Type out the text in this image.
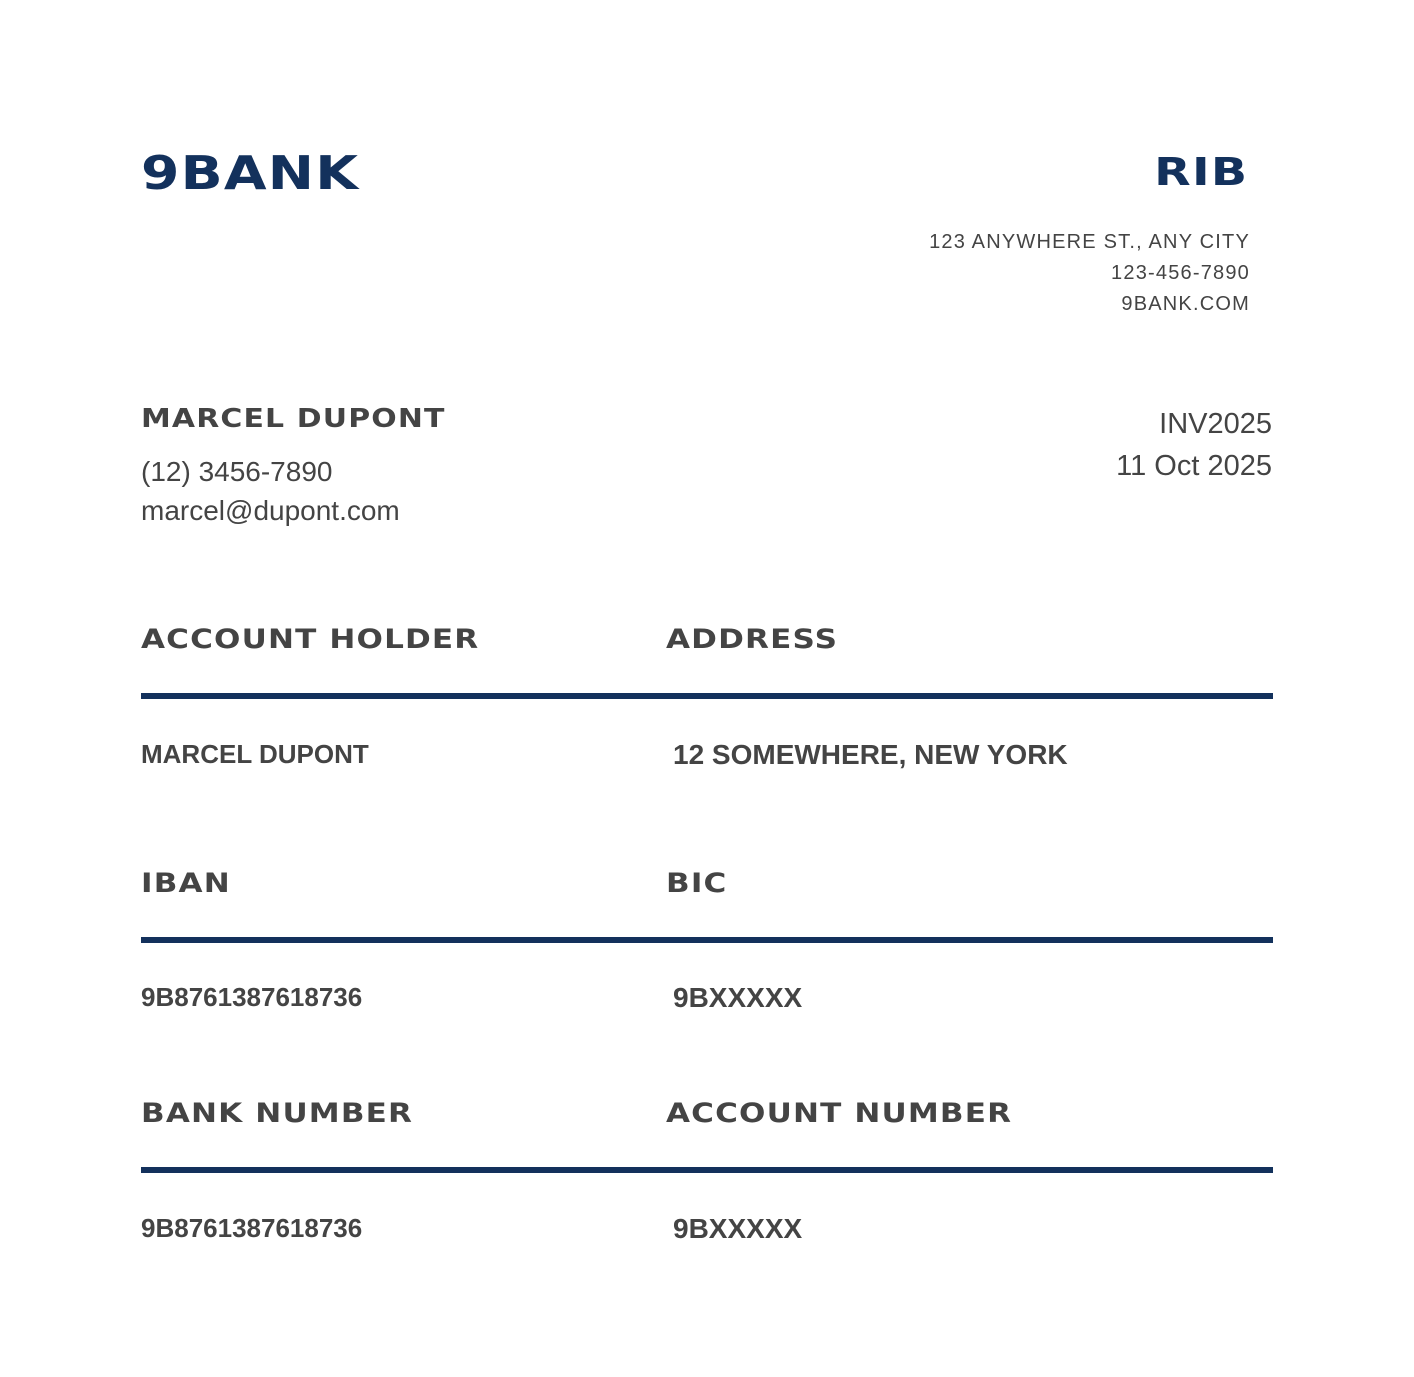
9BANK	RIB
123 ANYWHERE ST., ANY CITY
123-456-7890
9BANK.COM
MARCEL DUPONT
(12) 3456-7890
marcel@dupont.com
INV2025
11 Oct 2025
ACCOUNT HOLDER	ADDRESS
MARCEL DUPONT	12 SOMEWHERE, NEW YORK
IBAN	BIC
9B8761387618736	9BXXXXX
BANK NUMBER	ACCOUNT NUMBER
9B8761387618736	9BXXXXX
